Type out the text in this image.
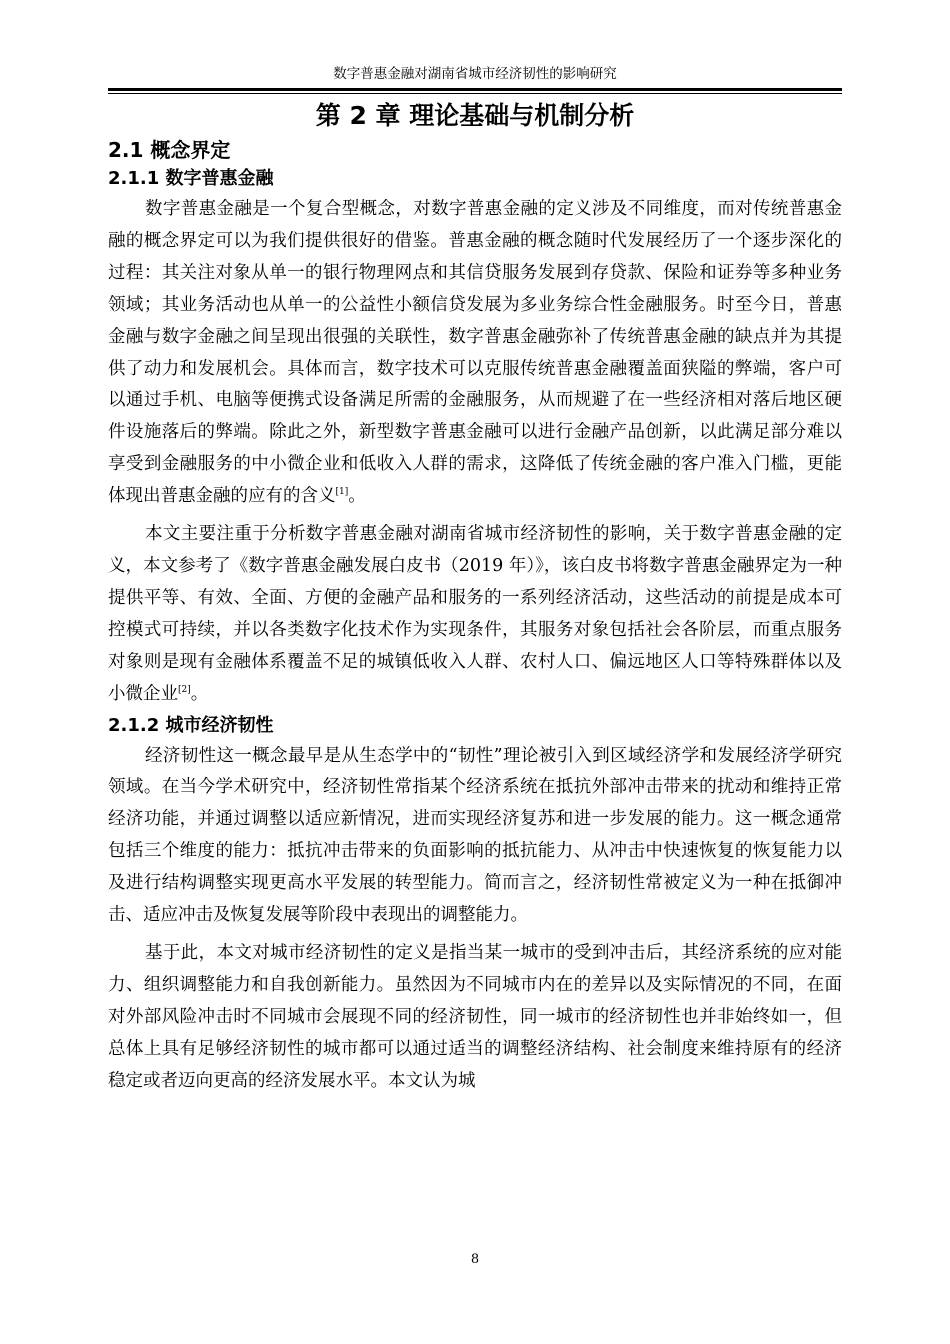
数字普惠金融对湖南省城市经济韧性的影响研究
第 2 章 理论基础与机制分析
2.1 概念界定
2.1.1 数字普惠金融

数字普惠金融是一个复合型概念，对数字普惠金融的定义涉及不同维度，而对传统普惠金融的概念界定可以为我们提供很好的借鉴。普惠金融的概念随时代发展经历了一个逐步深化的过程：其关注对象从单一的银行物理网点和其信贷服务发展到存贷款、保险和证券等多种业务领域；其业务活动也从单一的公益性小额信贷发展为多业务综合性金融服务。时至今日，普惠金融与数字金融之间呈现出很强的关联性，数字普惠金融弥补了传统普惠金融的缺点并为其提供了动力和发展机会。具体而言，数字技术可以克服传统普惠金融覆盖面狭隘的弊端，客户可以通过手机、电脑等便携式设备满足所需的金融服务，从而规避了在一些经济相对落后地区硬件设施落后的弊端。除此之外，新型数字普惠金融可以进行金融产品创新，以此满足部分难以享受到金融服务的中小微企业和低收入人群的需求，这降低了传统金融的客户准入门槛，更能体现出普惠金融的应有的含义[1]。

本文主要注重于分析数字普惠金融对湖南省城市经济韧性的影响，关于数字普惠金融的定义，本文参考了《数字普惠金融发展白皮书（2019 年）》，该白皮书将数字普惠金融界定为一种提供平等、有效、全面、方便的金融产品和服务的一系列经济活动，这些活动的前提是成本可控模式可持续，并以各类数字化技术作为实现条件，其服务对象包括社会各阶层，而重点服务对象则是现有金融体系覆盖不足的城镇低收入人群、农村人口、偏远地区人口等特殊群体以及小微企业[2]。

2.1.2 城市经济韧性

经济韧性这一概念最早是从生态学中的“韧性”理论被引入到区域经济学和发展经济学研究领域。在当今学术研究中，经济韧性常指某个经济系统在抵抗外部冲击带来的扰动和维持正常经济功能，并通过调整以适应新情况，进而实现经济复苏和进一步发展的能力。这一概念通常包括三个维度的能力：抵抗冲击带来的负面影响的抵抗能力、从冲击中快速恢复的恢复能力以及进行结构调整实现更高水平发展的转型能力。简而言之，经济韧性常被定义为一种在抵御冲击、适应冲击及恢复发展等阶段中表现出的调整能力。

基于此，本文对城市经济韧性的定义是指当某一城市的受到冲击后，其经济系统的应对能力、组织调整能力和自我创新能力。虽然因为不同城市内在的差异以及实际情况的不同，在面对外部风险冲击时不同城市会展现不同的经济韧性，同一城市的经济韧性也并非始终如一，但总体上具有足够经济韧性的城市都可以通过适当的调整经济结构、社会制度来维持原有的经济稳定或者迈向更高的经济发展水平。本文认为城

8
